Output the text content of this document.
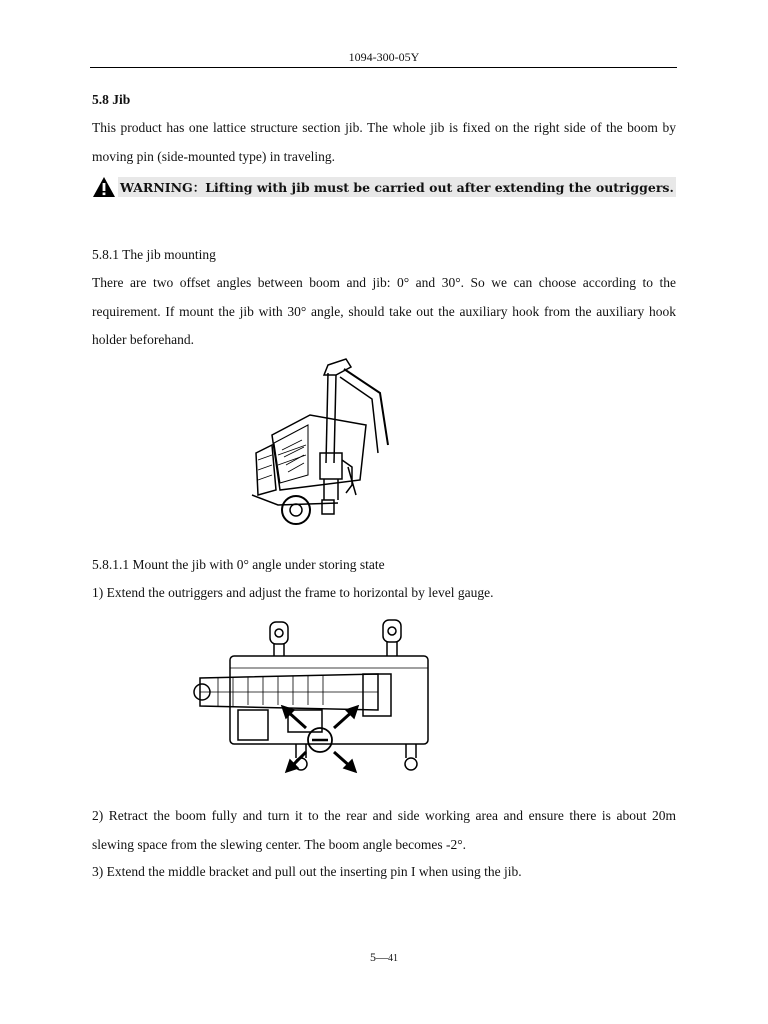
1094-300-05Y
5.8 Jib
This product has one lattice structure section jib. The whole jib is fixed on the right side of the boom by moving pin (side-mounted type) in traveling.
WARNING：Lifting with jib must be carried out after extending the outriggers.
5.8.1 The jib mounting
There are two offset angles between boom and jib: 0° and 30°. So we can choose according to the requirement. If mount the jib with 30° angle, should take out the auxiliary hook from the auxiliary hook holder beforehand.
5.8.1.1 Mount the jib with 0° angle under storing state
1) Extend the outriggers and adjust the frame to horizontal by level gauge.
2) Retract the boom fully and turn it to the rear and side working area and ensure there is about 20m slewing space from the slewing center. The boom angle becomes -2°.
3) Extend the middle bracket and pull out the inserting pin I when using the jib.
5—41
